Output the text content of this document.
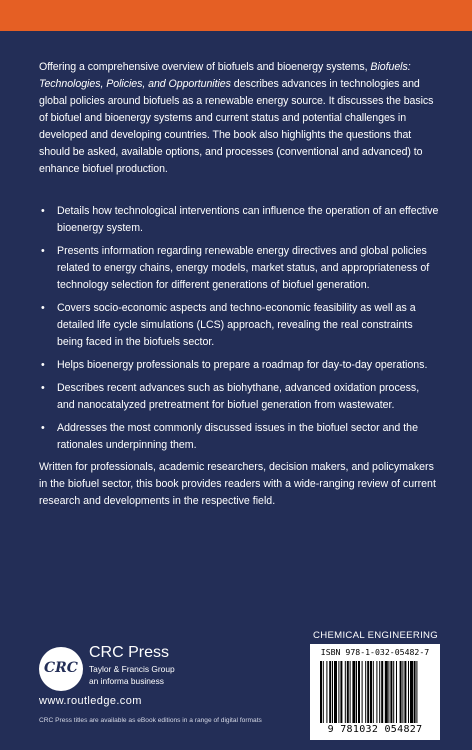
Offering a comprehensive overview of biofuels and bioenergy systems, Biofuels: Technologies, Policies, and Opportunities describes advances in technologies and global policies around biofuels as a renewable energy source. It discusses the basics of biofuel and bioenergy systems and current status and potential challenges in developed and developing countries. The book also highlights the questions that should be asked, available options, and processes (conventional and advanced) to enhance biofuel production.

• Details how technological interventions can influence the operation of an effective bioenergy system.
• Presents information regarding renewable energy directives and global policies related to energy chains, energy models, market status, and appropriateness of technology selection for different generations of biofuel generation.
• Covers socio-economic aspects and techno-economic feasibility as well as a detailed life cycle simulations (LCS) approach, revealing the real constraints being faced in the biofuels sector.
• Helps bioenergy professionals to prepare a roadmap for day-to-day operations.
• Describes recent advances such as biohythane, advanced oxidation process, and nanocatalyzed pretreatment for biofuel generation from wastewater.
• Addresses the most commonly discussed issues in the biofuel sector and the rationales underpinning them.

Written for professionals, academic researchers, decision makers, and policymakers in the biofuel sector, this book provides readers with a wide-ranging review of current research and developments in the respective field.

CRC
CRC Press
Taylor & Francis Group
an informa business
www.routledge.com
CRC Press titles are available as eBook editions in a range of digital formats
CHEMICAL ENGINEERING
ISBN 978-1-032-05482-7
9 781032 054827
